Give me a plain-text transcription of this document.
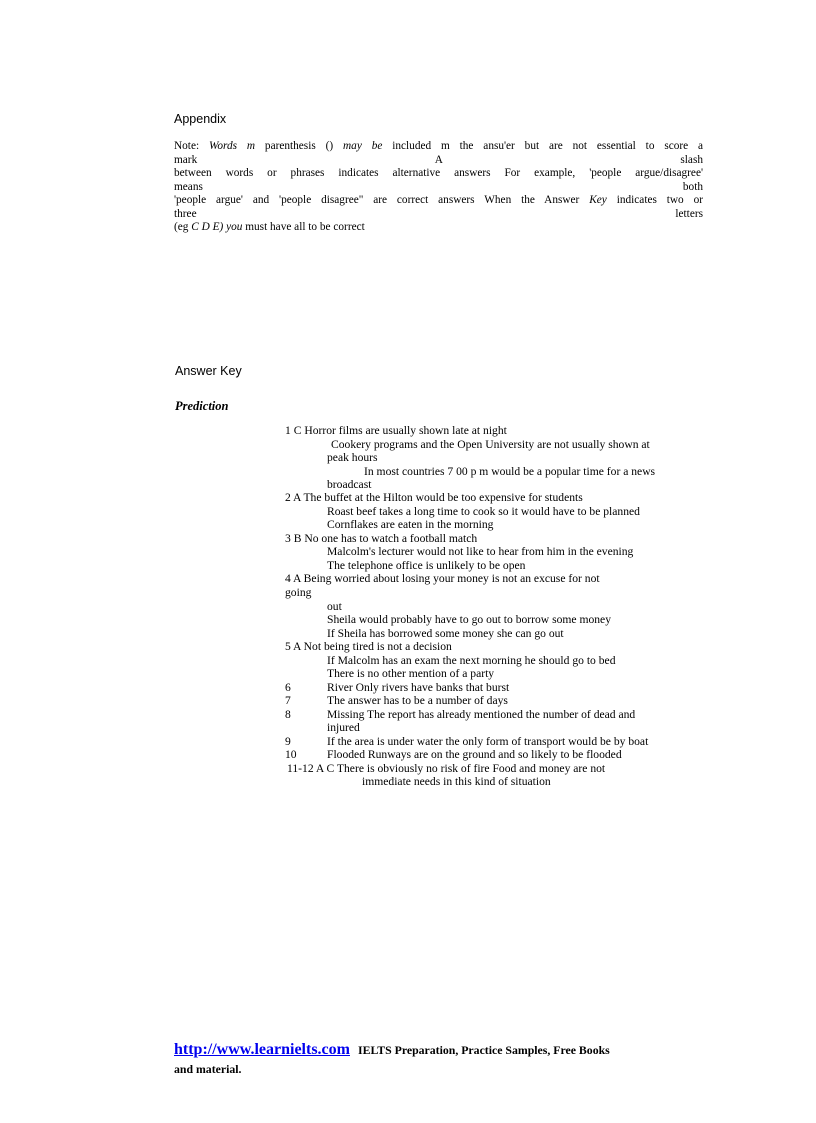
Appendix
Note: Words m parenthesis () may be included m the ansu'er but are not essential to score a
mark	A	slash
between words or phrases indicates alternative answers For example, 'people argue/disagree'
means	both
'people argue' and 'people disagree" are correct answers When the Answer Key indicates two or
three	letters
(eg C D E) you must have all to be correct
Answer Key
Prediction
1 C Horror films are usually shown late at night
Cookery programs and the Open University are not usually shown at
peak hours
In most countries 7 00 p m would be a popular time for a news
broadcast
2 A The buffet at the Hilton would be too expensive for students
Roast beef takes a long time to cook so it would have to be planned
Cornflakes are eaten in the morning
3 B No one has to watch a football match
Malcolm's lecturer would not like to hear from him in the evening
The telephone office is unlikely to be open
4 A Being worried about losing your money is not an excuse for not
going
out
Sheila would probably have to go out to borrow some money
If Sheila has borrowed some money she can go out
5 A Not being tired is not a decision
If Malcolm has an exam the next morning he should go to bed
There is no other mention of a party
6	River Only rivers have banks that burst
7	The answer has to be a number of days
8	Missing The report has already mentioned the number of dead and
injured
9	If the area is under water the only form of transport would be by boat
10	Flooded Runways are on the ground and so likely to be flooded
11-12 A C There is obviously no risk of fire Food and money are not
immediate needs in this kind of situation
http://www.learnielts.com IELTS Preparation, Practice Samples, Free Books
and material.
